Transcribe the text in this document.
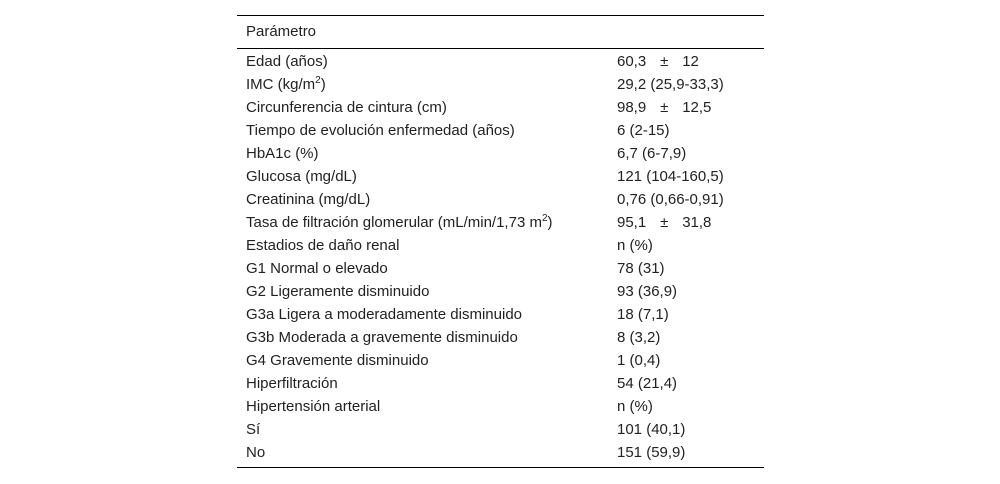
Parámetro
Edad (años)	60,3 ± 12
IMC $(kg/m^2)$	29,2 (25,9-33,3)
Circunferencia de cintura (cm)	98,9 ± 12,5
Tiempo de evolución enfermedad (años)	6 (2-15)
HbA1c (%)	6,7 (6-7,9)
Glucosa (mg/dL)	121 (104-160,5)
Creatinina (mg/dL)	0,76 (0,66-0,91)
Tasa de filtración glomerular (mL/min/1,73 $m^2$)	95,1 ± 31,8
Estadios de daño renal	n (%)
G1 Normal o elevado	78 (31)
G2 Ligeramente disminuido	93 (36,9)
G3a Ligera a moderadamente disminuido	18 (7,1)
G3b Moderada a gravemente disminuido	8 (3,2)
G4 Gravemente disminuido	1 (0,4)
Hiperfiltración	54 (21,4)
Hipertensión arterial	n (%)
Sí	101 (40,1)
No	151 (59,9)
